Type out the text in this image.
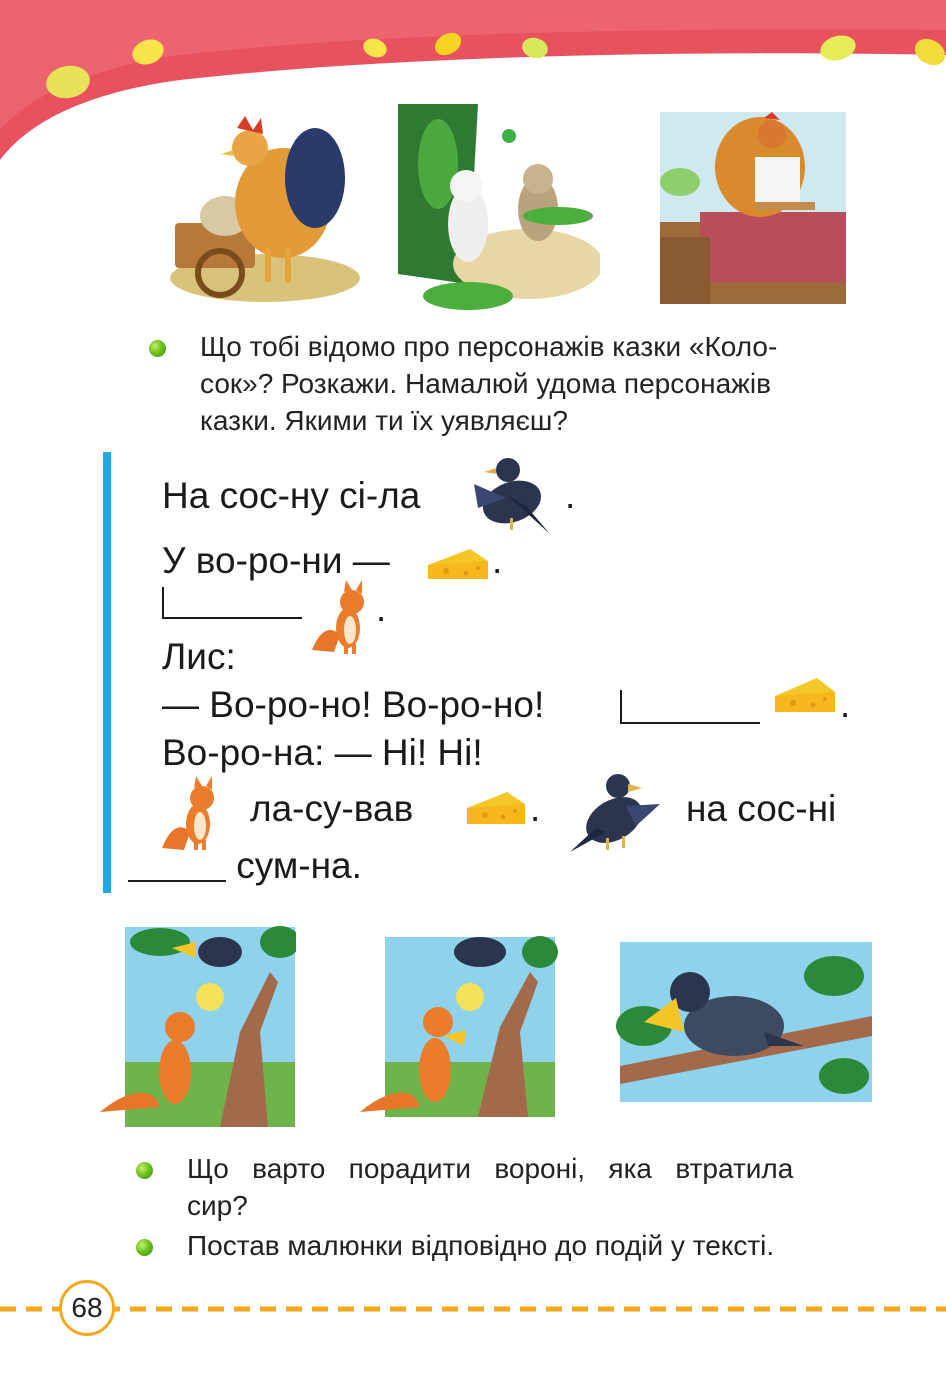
Що тобі відомо про персонажів казки «Коло-
сок»? Розкажи. Намалюй удома персонажів
казки. Якими ти їх уявляєш?
На сос-ну сі-ла	.
У во-ро-ни —	.
.
Лис:
— Во-ро-но! Во-ро-но!	.
Во-ро-на: — Ні! Ні!
ла-су-вав	.	на сос-ні
сум-на.
Що   варто   порадити   вороні,   яка   втратила
сир?
Постав малюнки відповідно до подій у тексті.
68
